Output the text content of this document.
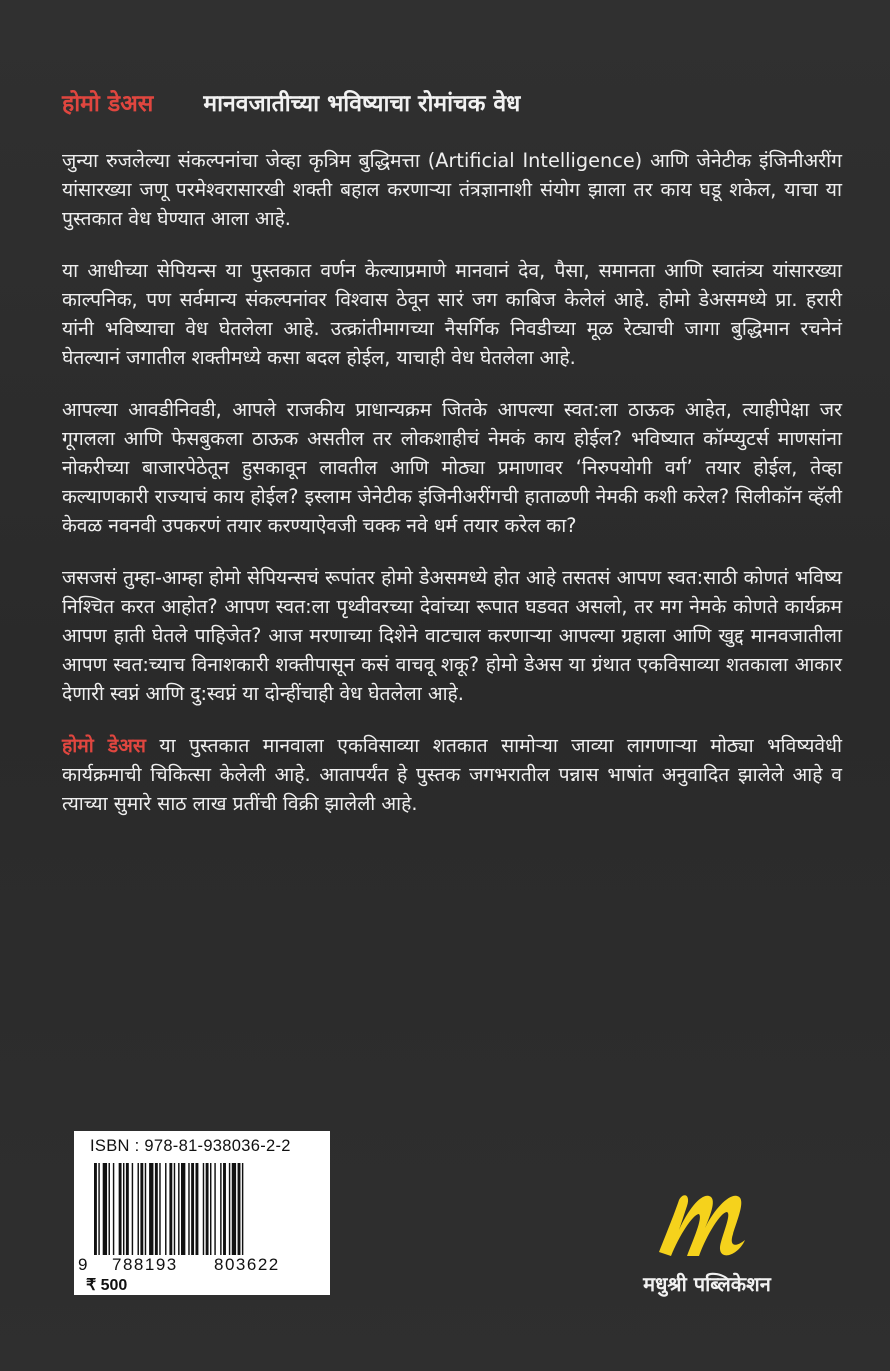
होमो डेअस मानवजातीच्या भविष्याचा रोमांचक वेध

जुन्या रुजलेल्या संकल्पनांचा जेव्हा कृत्रिम बुद्धिमत्ता (Artificial Intelligence) आणि जेनेटीक इंजिनीअरींग यांसारख्या जणू परमेश्वरासारखी शक्ती बहाल करणाऱ्या तंत्रज्ञानाशी संयोग झाला तर काय घडू शकेल, याचा या पुस्तकात वेध घेण्यात आला आहे.

या आधीच्या सेपियन्स या पुस्तकात वर्णन केल्याप्रमाणे मानवानं देव, पैसा, समानता आणि स्वातंत्र्य यांसारख्या काल्पनिक, पण सर्वमान्य संकल्पनांवर विश्वास ठेवून सारं जग काबिज केलेलं आहे. होमो डेअसमध्ये प्रा. हरारी यांनी भविष्याचा वेध घेतलेला आहे. उत्क्रांतीमागच्या नैसर्गिक निवडीच्या मूळ रेट्याची जागा बुद्धिमान रचनेनं घेतल्यानं जगातील शक्तीमध्ये कसा बदल होईल, याचाही वेध घेतलेला आहे.

आपल्या आवडीनिवडी, आपले राजकीय प्राधान्यक्रम जितके आपल्या स्वत:ला ठाऊक आहेत, त्याहीपेक्षा जर गूगलला आणि फेसबुकला ठाऊक असतील तर लोकशाहीचं नेमकं काय होईल? भविष्यात कॉम्प्युटर्स माणसांना नोकरीच्या बाजारपेठेतून हुसकावून लावतील आणि मोठ्या प्रमाणावर ‘निरुपयोगी वर्ग’ तयार होईल, तेव्हा कल्याणकारी राज्याचं काय होईल? इस्लाम जेनेटीक इंजिनीअरींगची हाताळणी नेमकी कशी करेल? सिलीकॉन व्हॅली केवळ नवनवी उपकरणं तयार करण्याऐवजी चक्क नवे धर्म तयार करेल का?

जसजसं तुम्हा-आम्हा होमो सेपियन्सचं रूपांतर होमो डेअसमध्ये होत आहे तसतसं आपण स्वत:साठी कोणतं भविष्य निश्चित करत आहोत? आपण स्वत:ला पृथ्वीवरच्या देवांच्या रूपात घडवत असलो, तर मग नेमके कोणते कार्यक्रम आपण हाती घेतले पाहिजेत? आज मरणाच्या दिशेने वाटचाल करणाऱ्या आपल्या ग्रहाला आणि खुद्द मानवजातीला आपण स्वत:च्याच विनाशकारी शक्तीपासून कसं वाचवू शकू? होमो डेअस या ग्रंथात एकविसाव्या शतकाला आकार देणारी स्वप्नं आणि दु:स्वप्नं या दोन्हींचाही वेध घेतलेला आहे.

होमो डेअस या पुस्तकात मानवाला एकविसाव्या शतकात सामोऱ्या जाव्या लागणाऱ्या मोठ्या भविष्यवेधी कार्यक्रमाची चिकित्सा केलेली आहे. आतापर्यंत हे पुस्तक जगभरातील पन्नास भाषांत अनुवादित झालेले आहे व त्याच्या सुमारे साठ लाख प्रतींची विक्री झालेली आहे.

ISBN : 978-81-938036-2-2
9 788193 803622
₹ 500	मधुश्री पब्लिकेशन
